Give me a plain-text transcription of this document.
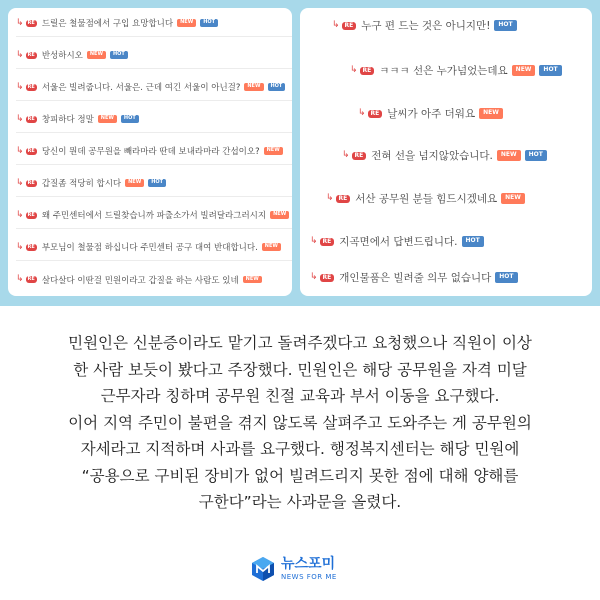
↳ RE 드릴은 철물점에서 구입 요망합니다	NEW	HOT
↳ RE 반성하시오	NEW	HOT
↳ RE 서울은 빌려줍니다. 서울은. 근데 여긴 서울이 아닌걸?	NEW	HOT
↳ RE 창피하다 정말	NEW	HOT
↳ RE 당신이 뭔데 공무원을 빼라마라 딴데 보내라마라 간섭이오?	NEW
↳ RE 갑질좀 적당히 합시다	NEW	HOT
↳ RE 왜 주민센터에서 드릴찾습니까 파출소가서 빌려달라그러시지	NEW
↳ RE 부모님이 철물점 하십니다 주민센터 공구 대여 반대합니다.	NEW
↳ RE 살다살다 이딴걸 민원이라고 갑질을 하는 사람도 있네	NEW
↳ RE 누구 편 드는 것은 아니지만!	HOT
↳ RE ㅋㅋㅋ 선은 누가넘었는데요	NEW	HOT
↳ RE 날씨가 아주 더워요	NEW
↳ RE 전혀 선을 넘지않았습니다.	NEW	HOT
↳ RE 서산 공무원 분들 힘드시겠네요	NEW
↳ RE 지곡면에서 답변드립니다.	HOT
↳ RE 개인물품은 빌려줄 의무 없습니다	HOT

민원인은 신분증이라도 맡기고 돌려주겠다고 요청했으나 직원이 이상

한 사람 보듯이 봤다고 주장했다. 민원인은 해당 공무원을 자격 미달

근무자라 칭하며 공무원 친절 교육과 부서 이동을 요구했다.

이어 지역 주민이 불편을 겪지 않도록 살펴주고 도와주는 게 공무원의

자세라고 지적하며 사과를 요구했다. 행정복지센터는 해당 민원에

“공용으로 구비된 장비가 없어 빌려드리지 못한 점에 대해 양해를

구한다”라는 사과문을 올렸다.

뉴스포미
NEWS FOR ME
